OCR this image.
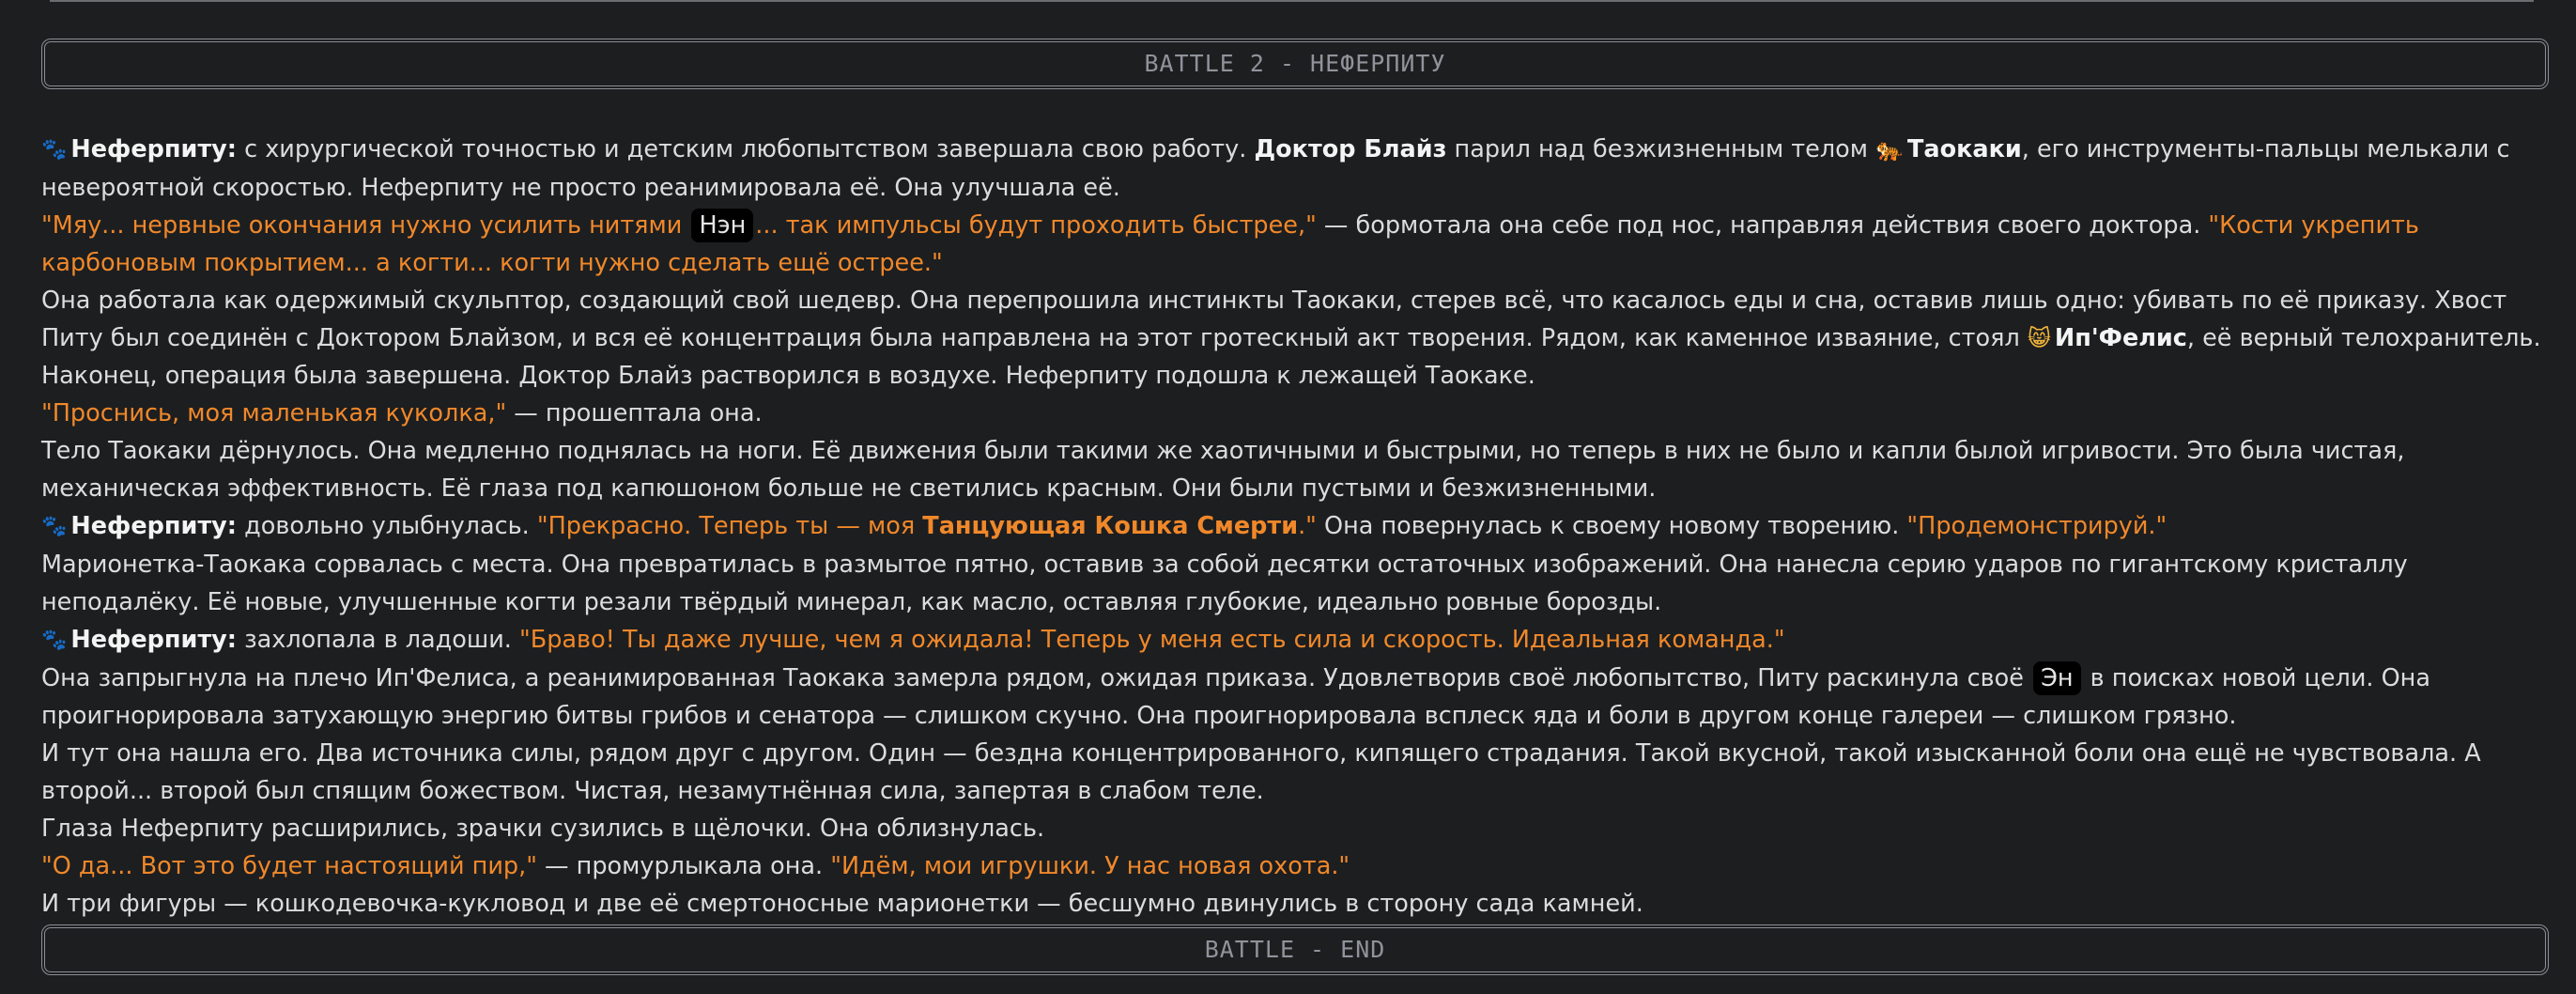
BATTLE 2 - НЕФЕРПИТУ

🐾 Неферпиту: с хирургической точностью и детским любопытством завершала свою работу. Доктор Блайз парил над безжизненным телом 🐅 Таокаки, его инструменты-пальцы мелькали с невероятной скоростью. Неферпиту не просто реанимировала её. Она улучшала её.

"Мяу... нервные окончания нужно усилить нитями Нэн ... так импульсы будут проходить быстрее," — бормотала она себе под нос, направляя действия своего доктора. "Кости укрепить карбоновым покрытием... а когти... когти нужно сделать ещё острее."

Она работала как одержимый скульптор, создающий свой шедевр. Она перепрошила инстинкты Таокаки, стерев всё, что касалось еды и сна, оставив лишь одно: убивать по её приказу. Хвост Питу был соединён с Доктором Блайзом, и вся её концентрация была направлена на этот гротескный акт творения. Рядом, как каменное изваяние, стоял 😸 Ип'Фелис, её верный телохранитель.

Наконец, операция была завершена. Доктор Блайз растворился в воздухе. Неферпиту подошла к лежащей Таокаке.

"Проснись, моя маленькая куколка," — прошептала она.

Тело Таокаки дёрнулось. Она медленно поднялась на ноги. Её движения были такими же хаотичными и быстрыми, но теперь в них не было и капли былой игривости. Это была чистая, механическая эффективность. Её глаза под капюшоном больше не светились красным. Они были пустыми и безжизненными.

🐾 Неферпиту: довольно улыбнулась. "Прекрасно. Теперь ты — моя Танцующая Кошка Смерти." Она повернулась к своему новому творению. "Продемонстрируй."

Марионетка-Таокака сорвалась с места. Она превратилась в размытое пятно, оставив за собой десятки остаточных изображений. Она нанесла серию ударов по гигантскому кристаллу неподалёку. Её новые, улучшенные когти резали твёрдый минерал, как масло, оставляя глубокие, идеально ровные борозды.

🐾 Неферпиту: захлопала в ладоши. "Браво! Ты даже лучше, чем я ожидала! Теперь у меня есть сила и скорость. Идеальная команда."

Она запрыгнула на плечо Ип'Фелиса, а реанимированная Таокака замерла рядом, ожидая приказа. Удовлетворив своё любопытство, Питу раскинула своё Эн в поисках новой цели. Она проигнорировала затухающую энергию битвы грибов и сенатора — слишком скучно. Она проигнорировала всплеск яда и боли в другом конце галереи — слишком грязно.

И тут она нашла его. Два источника силы, рядом друг с другом. Один — бездна концентрированного, кипящего страдания. Такой вкусной, такой изысканной боли она ещё не чувствовала. А второй... второй был спящим божеством. Чистая, незамутнённая сила, запертая в слабом теле.

Глаза Неферпиту расширились, зрачки сузились в щёлочки. Она облизнулась.

"О да... Вот это будет настоящий пир," — промурлыкала она. "Идём, мои игрушки. У нас новая охота."

И три фигуры — кошкодевочка-кукловод и две её смертоносные марионетки — бесшумно двинулись в сторону сада камней.

BATTLE - END
